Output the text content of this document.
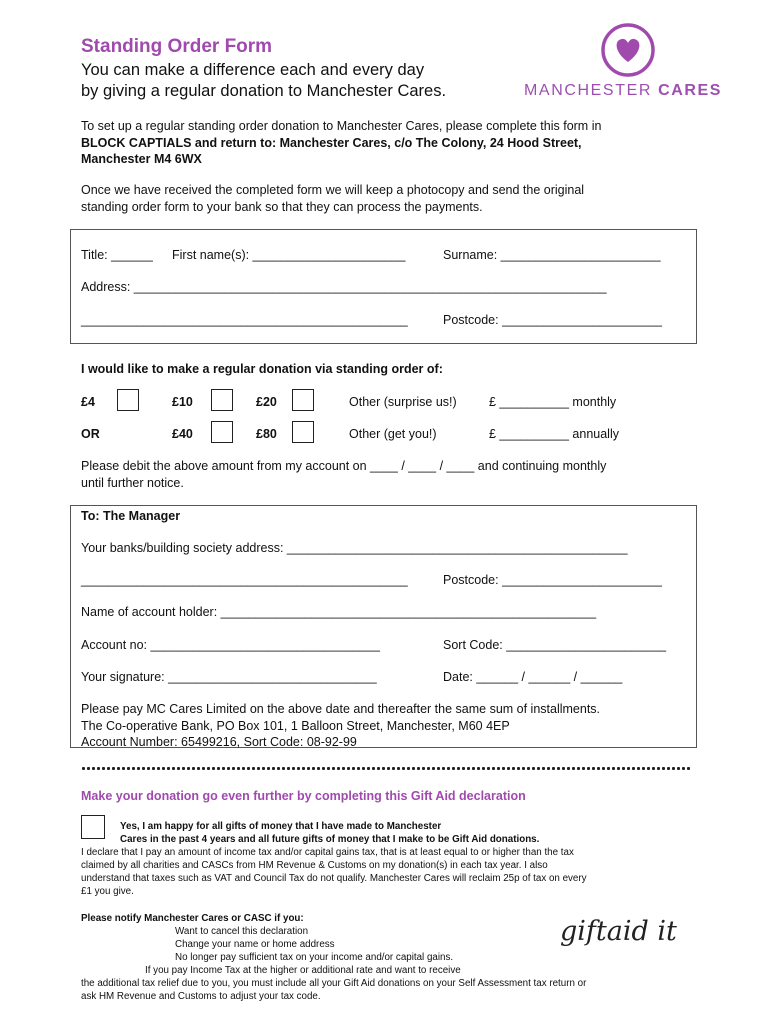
Standing Order Form
You can make a difference each and every day
by giving a regular donation to Manchester Cares.	MANCHESTER CARES
To set up a regular standing order donation to Manchester Cares, please complete this form in
BLOCK CAPTIALS and return to: Manchester Cares, c/o The Colony, 24 Hood Street,
Manchester M4 6WX
Once we have received the completed form we will keep a photocopy and send the original
standing order form to your bank so that they can process the payments.
Title: ______ First name(s): ______________________	Surname: _______________________
Address: ____________________________________________________________________
_______________________________________________	Postcode: _______________________
I would like to make a regular donation via standing order of:
£4	£10	£20	Other (surprise us!)	£ __________ monthly
OR	£40	£80	Other (get you!)	£ __________ annually
Please debit the above amount from my account on ____ / ____ / ____ and continuing monthly
until further notice.
To: The Manager
Your banks/building society address: _________________________________________________
_______________________________________________	Postcode: _______________________
Name of account holder: ______________________________________________________
Account no: _________________________________	Sort Code: _______________________
Your signature: ______________________________	Date: ______ / ______ / ______
Please pay MC Cares Limited on the above date and thereafter the same sum of installments.
The Co-operative Bank, PO Box 101, 1 Balloon Street, Manchester, M60 4EP
Account Number: 65499216, Sort Code: 08-92-99
Make your donation go even further by completing this Gift Aid declaration
Yes, I am happy for all gifts of money that I have made to Manchester
Cares in the past 4 years and all future gifts of money that I make to be Gift Aid donations.
I declare that I pay an amount of income tax and/or capital gains tax, that is at least equal to or higher than the tax
claimed by all charities and CASCs from HM Revenue & Customs on my donation(s) in each tax year. I also
understand that taxes such as VAT and Council Tax do not qualify. Manchester Cares will reclaim 25p of tax on every
£1 you give.
Please notify Manchester Cares or CASC if you:
Want to cancel this declaration
Change your name or home address
No longer pay sufficient tax on your income and/or capital gains.
If you pay Income Tax at the higher or additional rate and want to receive
the additional tax relief due to you, you must include all your Gift Aid donations on your Self Assessment tax return or
ask HM Revenue and Customs to adjust your tax code.
giftaid it
